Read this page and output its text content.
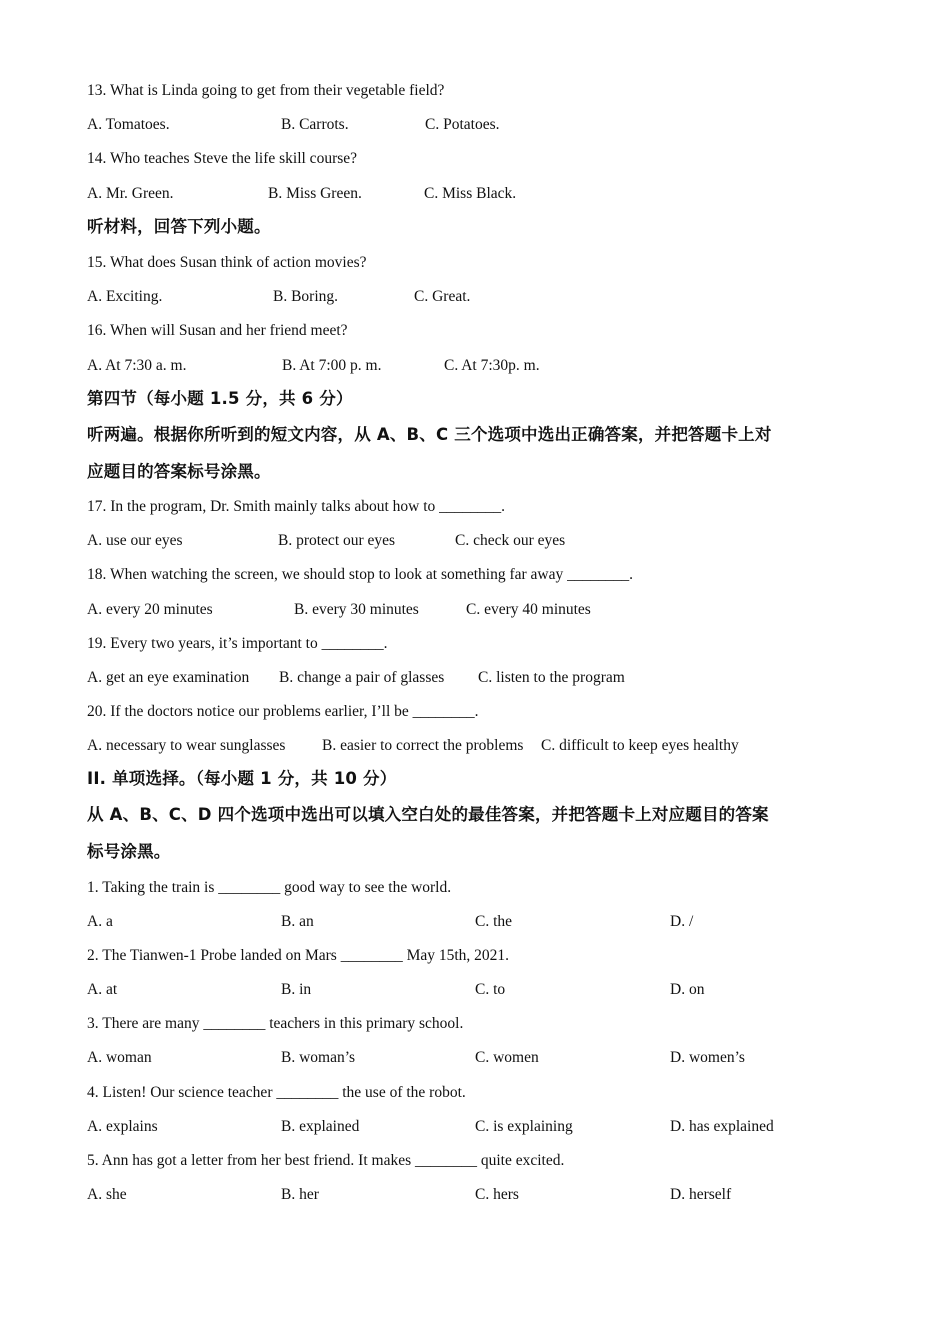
13. What is Linda going to get from their vegetable field?
A. Tomatoes.	B. Carrots.	C. Potatoes.
14. Who teaches Steve the life skill course?
A. Mr. Green.	B. Miss Green.	C. Miss Black.
听材料，回答下列小题。
15. What does Susan think of action movies?
A. Exciting.	B. Boring.	C. Great.
16. When will Susan and her friend meet?
A. At 7:30 a. m.	B. At 7:00 p. m.	C. At 7:30p. m.
第四节（每小题 1.5 分，共 6 分）
听两遍。根据你所听到的短文内容，从 A、B、C 三个选项中选出正确答案，并把答题卡上对
应题目的答案标号涂黑。
17. In the program, Dr. Smith mainly talks about how to ________.
A. use our eyes	B. protect our eyes	C. check our eyes
18. When watching the screen, we should stop to look at something far away ________.
A. every 20 minutes	B. every 30 minutes	C. every 40 minutes
19. Every two years, it’s important to ________.
A. get an eye examination B. change a pair of glasses C. listen to the program
20. If the doctors notice our problems earlier, I’ll be ________.
A. necessary to wear sunglasses B. easier to correct the problems C. difficult to keep eyes healthy
II. 单项选择。（每小题 1 分，共 10 分）
从 A、B、C、D 四个选项中选出可以填入空白处的最佳答案，并把答题卡上对应题目的答案
标号涂黑。
1. Taking the train is ________ good way to see the world.
A. a	B. an	C. the	D. /
2. The Tianwen-1 Probe landed on Mars ________ May 15th, 2021.
A. at	B. in	C. to	D. on
3. There are many ________ teachers in this primary school.
A. woman	B. woman’s	C. women	D. women’s
4. Listen! Our science teacher ________ the use of the robot.
A. explains	B. explained	C. is explaining	D. has explained
5. Ann has got a letter from her best friend. It makes ________ quite excited.
A. she	B. her	C. hers	D. herself
